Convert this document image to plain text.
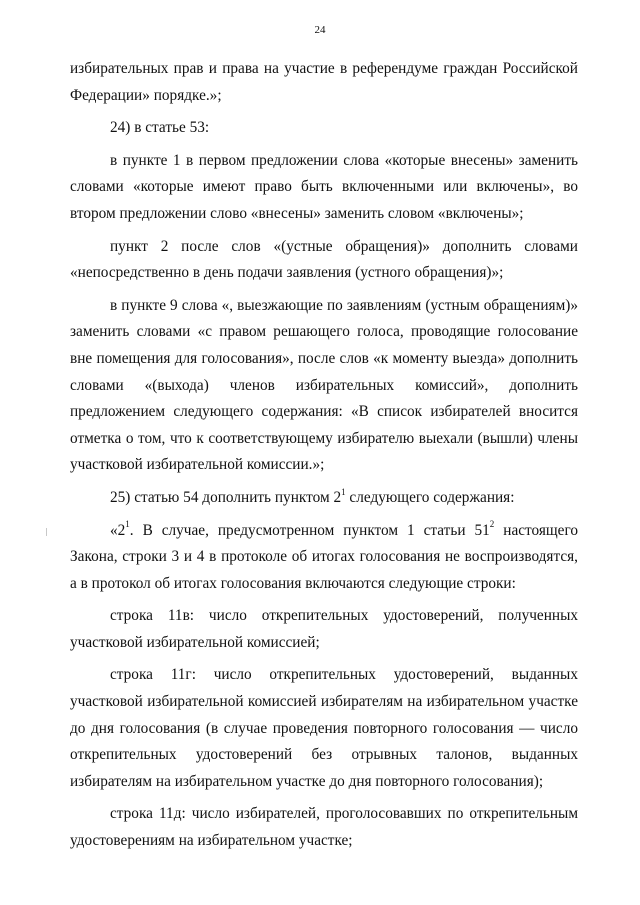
24

избирательных прав и права на участие в референдуме граждан Российской Федерации» порядке.»;

24) в статье 53:

в пункте 1 в первом предложении слова «которые внесены» заменить словами «которые имеют право быть включенными или включены», во втором предложении слово «внесены» заменить словом «включены»;

пункт 2 после слов «(устные обращения)» дополнить словами «непосредственно в день подачи заявления (устного обращения)»;

в пункте 9 слова «, выезжающие по заявлениям (устным обращениям)» заменить словами «с правом решающего голоса, проводящие голосование вне помещения для голосования», после слов «к моменту выезда» дополнить словами «(выхода) членов избирательных комиссий», дополнить предложением следующего содержания: «В список избирателей вносится отметка о том, что к соответствующему избирателю выехали (вышли) члены участковой избирательной комиссии.»;

25) статью 54 дополнить пунктом $2^1$ следующего содержания:

«$2^1$. В случае, предусмотренном пунктом 1 статьи $51^2$ настоящего Закона, строки 3 и 4 в протоколе об итогах голосования не воспроизводятся, а в протокол об итогах голосования включаются следующие строки:

строка 11в: число открепительных удостоверений, полученных участковой избирательной комиссией;

строка 11г: число открепительных удостоверений, выданных участковой избирательной комиссией избирателям на избирательном участке до дня голосования (в случае проведения повторного голосования — число открепительных удостоверений без отрывных талонов, выданных избирателям на избирательном участке до дня повторного голосования);

строка 11д: число избирателей, проголосовавших по открепительным удостоверениям на избирательном участке;
